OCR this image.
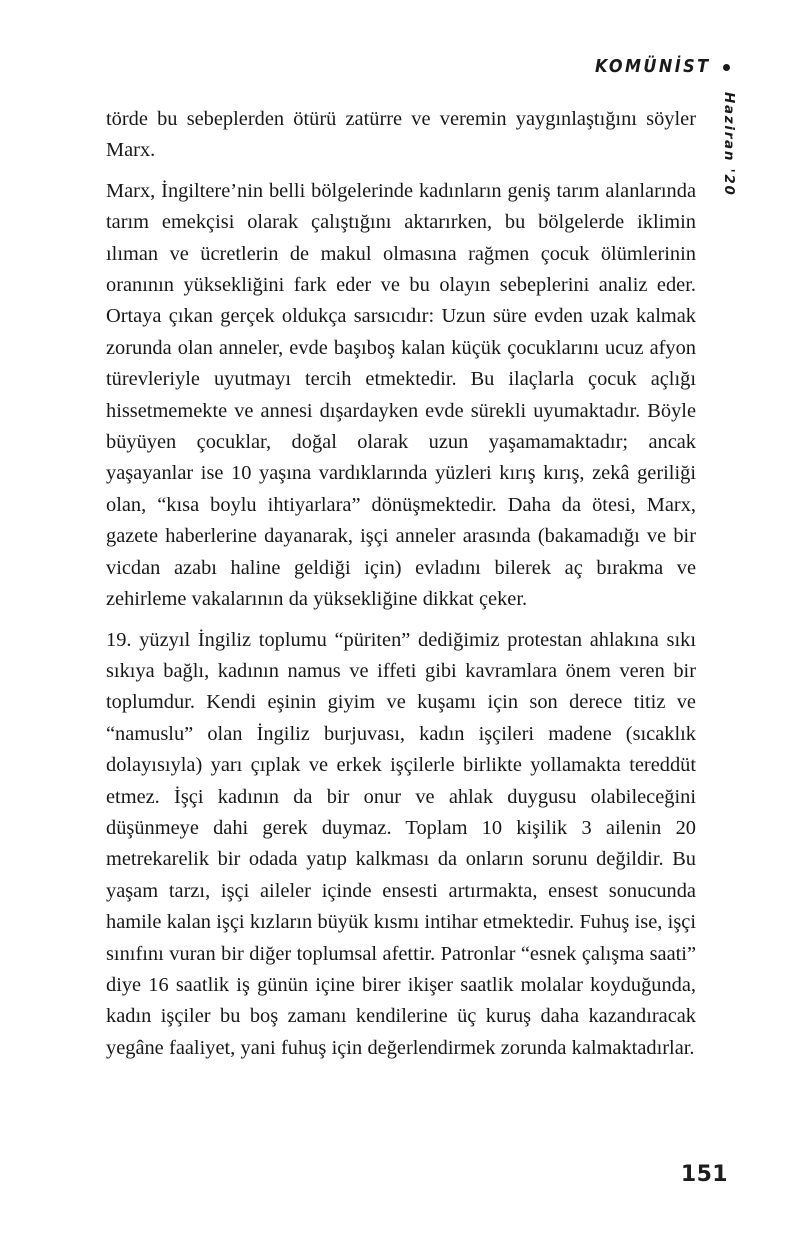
KOMÜNİST
Haziran '20

törde bu sebeplerden ötürü zatürre ve veremin yaygınlaştığını söyler Marx.

Marx, İngiltere’nin belli bölgelerinde kadınların geniş tarım alanlarında tarım emekçisi olarak çalıştığını aktarırken, bu bölgelerde iklimin ılıman ve ücretlerin de makul olmasına rağmen çocuk ölümlerinin oranının yüksekliğini fark eder ve bu olayın sebeplerini analiz eder. Ortaya çıkan gerçek oldukça sarsıcıdır: Uzun süre evden uzak kalmak zorunda olan anneler, evde başıboş kalan küçük çocuklarını ucuz afyon türevleriyle uyutmayı tercih etmektedir. Bu ilaçlarla çocuk açlığı hissetmemekte ve annesi dışardayken evde sürekli uyumaktadır. Böyle büyüyen çocuklar, doğal olarak uzun yaşamamaktadır; ancak yaşayanlar ise 10 yaşına vardıklarında yüzleri kırış kırış, zekâ geriliği olan, “kısa boylu ihtiyarlara” dönüşmektedir. Daha da ötesi, Marx, gazete haberlerine dayanarak, işçi anneler arasında (bakamadığı ve bir vicdan azabı haline geldiği için) evladını bilerek aç bırakma ve zehirleme vakalarının da yüksekliğine dikkat çeker.

19. yüzyıl İngiliz toplumu “püriten” dediğimiz protestan ahlakına sıkı sıkıya bağlı, kadının namus ve iffeti gibi kavramlara önem veren bir toplumdur. Kendi eşinin giyim ve kuşamı için son derece titiz ve “namuslu” olan İngiliz burjuvası, kadın işçileri madene (sıcaklık dolayısıyla) yarı çıplak ve erkek işçilerle birlikte yollamakta tereddüt etmez. İşçi kadının da bir onur ve ahlak duygusu olabileceğini düşünmeye dahi gerek duymaz. Toplam 10 kişilik 3 ailenin 20 metrekarelik bir odada yatıp kalkması da onların sorunu değildir. Bu yaşam tarzı, işçi aileler içinde ensesti artırmakta, ensest sonucunda hamile kalan işçi kızların büyük kısmı intihar etmektedir. Fuhuş ise, işçi sınıfını vuran bir diğer toplumsal afettir. Patronlar “esnek çalışma saati” diye 16 saatlik iş günün içine birer ikişer saatlik molalar koyduğunda, kadın işçiler bu boş zamanı kendilerine üç kuruş daha kazandıracak yegâne faaliyet, yani fuhuş için değerlendirmek zorunda kalmaktadırlar.

151
